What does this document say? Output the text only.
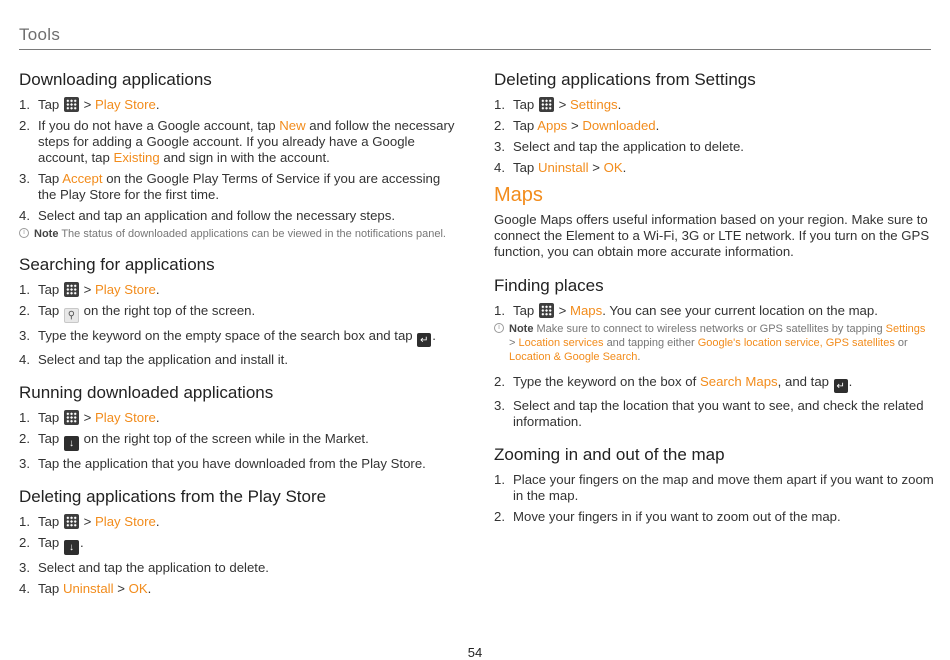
Tools
Downloading applications
1. Tap > Play Store.
2. If you do not have a Google account, tap New and follow the necessary steps for adding a Google account. If you already have a Google account, tap Existing and sign in with the account.
3. Tap Accept on the Google Play Terms of Service if you are accessing the Play Store for the first time.
4. Select and tap an application and follow the necessary steps.
i Note The status of downloaded applications can be viewed in the notifications panel.
Searching for applications
1. Tap > Play Store.
2. Tap ⚲ on the right top of the screen.
3. Type the keyword on the empty space of the search box and tap ↵ .
4. Select and tap the application and install it.
Running downloaded applications
1. Tap > Play Store.
2. Tap ↓ on the right top of the screen while in the Market.
3. Tap the application that you have downloaded from the Play Store.
Deleting applications from the Play Store
1. Tap > Play Store.
2. Tap ↓ .
3. Select and tap the application to delete.
4. Tap Uninstall > OK.
Deleting applications from Settings
1. Tap > Settings.
2. Tap Apps > Downloaded.
3. Select and tap the application to delete.
4. Tap Uninstall > OK.
Maps

Google Maps offers useful information based on your region. Make sure to connect the Element to a Wi-Fi, 3G or LTE network. If you turn on the GPS function, you can obtain more accurate information.

Finding places
1. Tap > Maps. You can see your current location on the map.
i Note Make sure to connect to wireless networks or GPS satellites by tapping Settings > Location services and tapping either Google's location service, GPS satellites or Location & Google Search.
2. Type the keyword on the box of Search Maps, and tap ↵ .
3. Select and tap the location that you want to see, and check the related information.
Zooming in and out of the map
1. Place your fingers on the map and move them apart if you want to zoom in the map.
2. Move your fingers in if you want to zoom out of the map.
54
